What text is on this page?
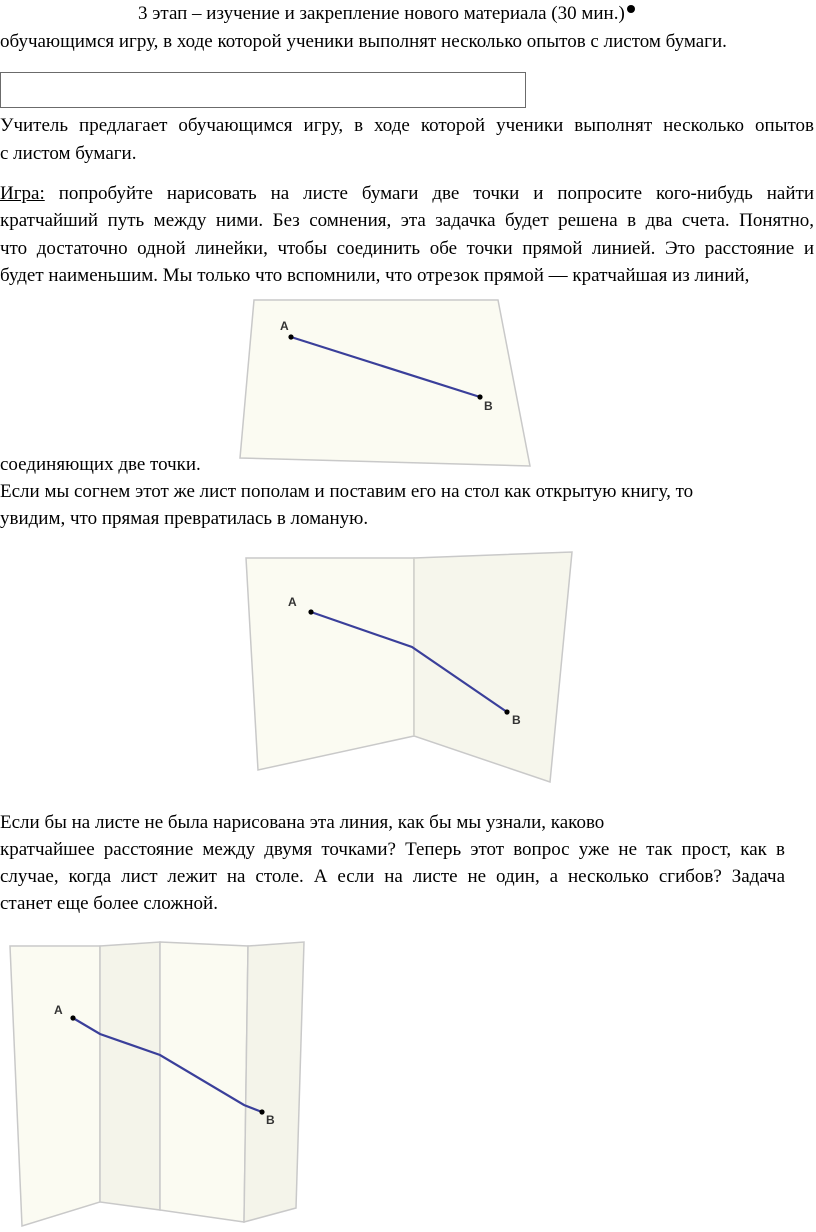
3 этап – изучение и закрепление нового материала (30 мин.)
обучающимся игру, в ходе которой ученики выполнят несколько опытов с листом бумаги.
Учитель предлагает обучающимся игру, в ходе которой ученики выполнят несколько опытов
с листом бумаги.
Игра: попробуйте нарисовать на листе бумаги две точки и попросите кого-нибудь найти
кратчайший путь между ними. Без сомнения, эта задачка будет решена в два счета. Понятно,
что достаточно одной линейки, чтобы соединить обе точки прямой линией. Это расстояние и
будет наименьшим. Мы только что вспомнили, что отрезок прямой — кратчайшая из линий,
A
B
соединяющих две точки.
Если мы согнем этот же лист пополам и поставим его на стол как открытую книгу, то
увидим, что прямая превратилась в ломаную.
A
B
Если бы на листе не была нарисована эта линия, как бы мы узнали, каково
кратчайшее расстояние между двумя точками? Теперь этот вопрос уже не так прост, как в
случае, когда лист лежит на столе. А если на листе не один, а несколько сгибов? Задача
станет еще более сложной.
A
B
